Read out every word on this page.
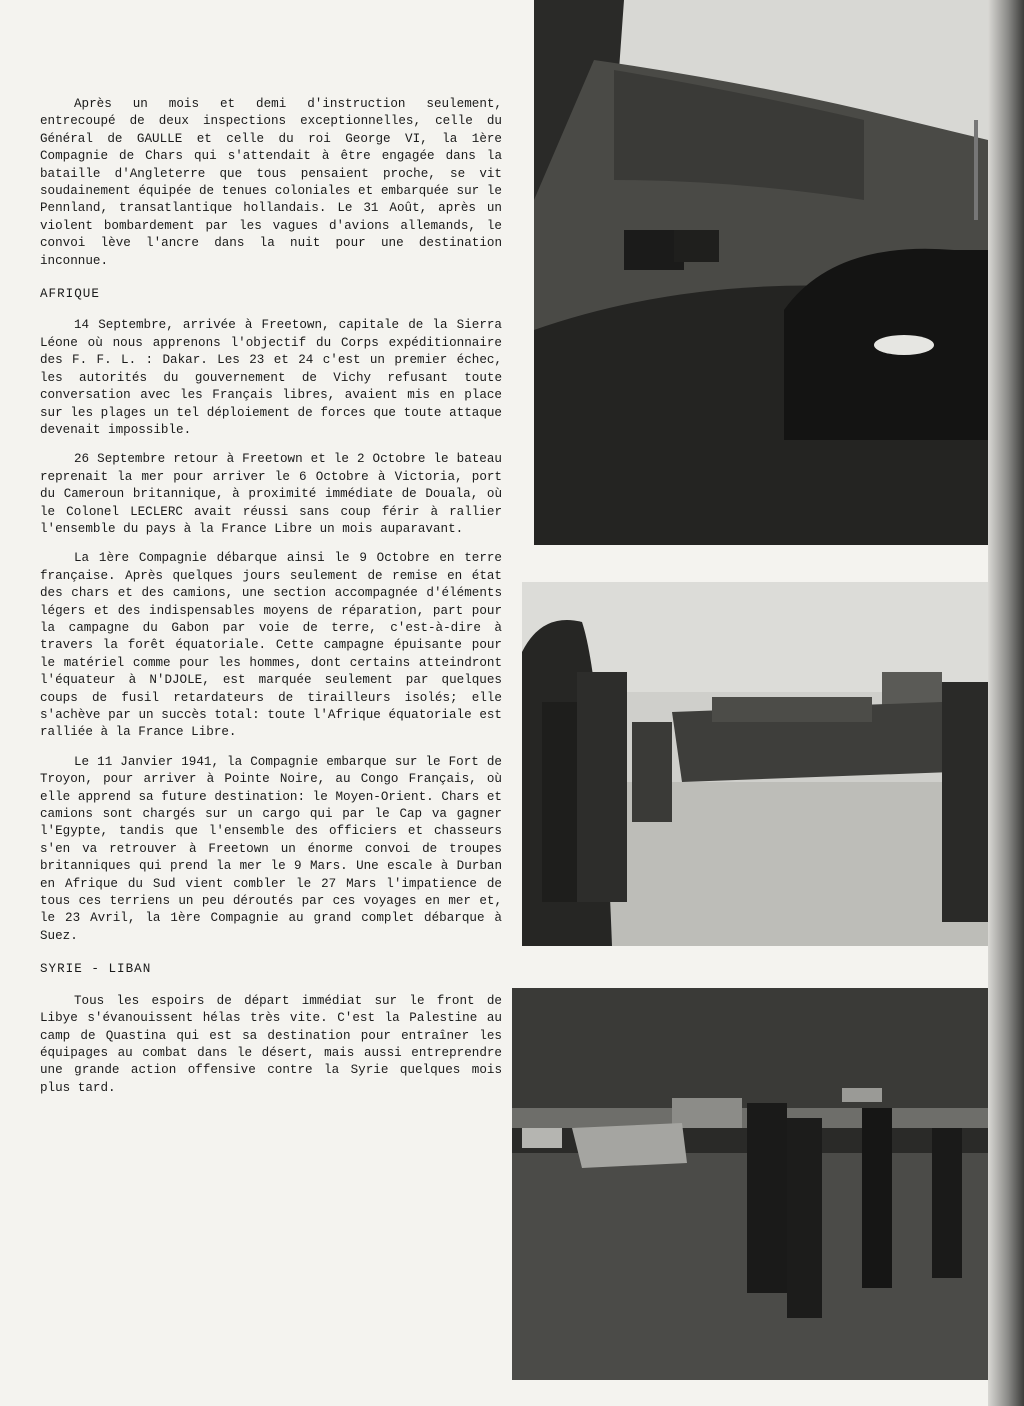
Après un mois et demi d'instruction seulement, entrecoupé de deux inspections exceptionnelles, celle du Général de GAULLE et celle du roi George VI, la 1ère Compagnie de Chars qui s'attendait à être engagée dans la bataille d'Angleterre que tous pensaient proche, se vit soudainement équipée de tenues coloniales et embarquée sur le Pennland, transatlantique hollandais. Le 31 Août, après un violent bombardement par les vagues d'avions allemands, le convoi lève l'ancre dans la nuit pour une destination inconnue.

AFRIQUE

14 Septembre, arrivée à Freetown, capitale de la Sierra Léone où nous apprenons l'objectif du Corps expéditionnaire des F. F. L. : Dakar. Les 23 et 24 c'est un premier échec, les autorités du gouvernement de Vichy refusant toute conversation avec les Français libres, avaient mis en place sur les plages un tel déploiement de forces que toute attaque devenait impossible.

26 Septembre retour à Freetown et le 2 Octobre le bateau reprenait la mer pour arriver le 6 Octobre à Victoria, port du Cameroun britannique, à proximité immédiate de Douala, où le Colonel LECLERC avait réussi sans coup férir à rallier l'ensemble du pays à la France Libre un mois auparavant.

La 1ère Compagnie débarque ainsi le 9 Octobre en terre française. Après quelques jours seulement de remise en état des chars et des camions, une section accompagnée d'éléments légers et des indispensables moyens de réparation, part pour la campagne du Gabon par voie de terre, c'est-à-dire à travers la forêt équatoriale. Cette campagne épuisante pour le matériel comme pour les hommes, dont certains atteindront l'équateur à N'DJOLE, est marquée seulement par quelques coups de fusil retardateurs de tirailleurs isolés; elle s'achève par un succès total: toute l'Afrique équatoriale est ralliée à la France Libre.

Le 11 Janvier 1941, la Compagnie embarque sur le Fort de Troyon, pour arriver à Pointe Noire, au Congo Français, où elle apprend sa future destination: le Moyen-Orient. Chars et camions sont chargés sur un cargo qui par le Cap va gagner l'Egypte, tandis que l'ensemble des officiers et chasseurs s'en va retrouver à Freetown un énorme convoi de troupes britanniques qui prend la mer le 9 Mars. Une escale à Durban en Afrique du Sud vient combler le 27 Mars l'impatience de tous ces terriens un peu déroutés par ces voyages en mer et, le 23 Avril, la 1ère Compagnie au grand complet débarque à Suez.

SYRIE - LIBAN

Tous les espoirs de départ immédiat sur le front de Libye s'évanouissent hélas très vite. C'est la Palestine au camp de Quastina qui est sa destination pour entraîner les équipages au combat dans le désert, mais aussi entreprendre une grande action offensive contre la Syrie quelques mois plus tard.
